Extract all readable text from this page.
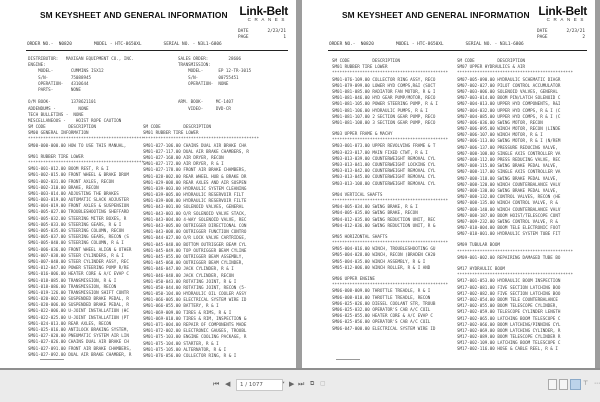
SM KEYSHEET AND GENERAL INFORMATION Link-Belt
CRANES
DATE	2/23/21
PAGE	1
ORDER NO.-  N0820	MODEL - HTC-8650XL	SERIAL NO. - N3L1-6806
DISTRIBUTOR:   MAXIGAN EQUIPMENT CO., INC.
ENGINE:
MODEL-       CUMMINS ISX12
S/N-         75088945
OPERATION-   4310644
PARTS-       NONE

O/M BOOK-        1378621101
ADDENDUMS -         NONE
TECH BULLETINS -  NONE
MISCELLANEOUS -    HOIST ROPE CAUTION
SALES ORDER:        28606
TRANSMISSION:
MODEL-      EP 12-TR-3015
S/N-        00755451
OPERATION-  NONE

ARM. BOOK-     MC-1407
VIDEO-     DVD-CR
SM CODE         DESCRIPTION
SM00 GENERAL INFORMATION
**********************************************
SM00-000-000.00 HOW TO USE THIS MANUAL,
SM01 RUBBER TIRE LOWER
**********************************************
SM01-001-012.00 BOOM REST, R & I
SM01-002-015.00 FRONT WHEEL & BRAKE DRUM
SM01-002-031.00 FRONT AXLES, RECON
SM01-002-310.00 BRAKE, RECON
SM01-003-014.00 ADJUSTING THE BRAKES
SM01-003-019.00 AUTOMATIC SLACK ADJUSTER
SM01-004-019.00 FRONT AXLES & SUSPENSION
SM01-005-027.00 TROUBLESHOOTING SHEFFARD
SM01-005-032.00 STEERING MITER BOXES, R
SM01-005-033.00 STEERING GEARS, R & I
SM01-005-035.00 STEERING COLUMN, RECON
SM01-005-037.00 STEERING GEARS, RECON (S
SM01-005-040.00 STEERING COLUMN, R & I
SM01-006-036.00 FRONT WHEEL ALIGN & OTHER
SM01-007-038.00 STEER CYLINDERS, R & I
SM01-007-040.00 STEER CYLINDER ASSY, REC
SM01-012-047.00 POWER STEERING PUMP R/RE
SM01-016-006.00 HEATER CORE & A/C EVAP C
SM01-018-085.00 TRANSMISSION, R & I
SM01-018-086.00 TRANSMISSION, RECON
SM01-019-126.00 TRANSMISSION SHIFT CONTR
SM01-020-002.00 SUSPENDED BRAKE PEDAL, R
SM01-020-006.00 SUSPENDED BRAKE PEDAL, R
SM01-022-006.00 U-JOINT INSTALLATION (HC
SM01-022-025.00 U-JOINT INSTALLATION (PT
SM01-024-013.00 REAR AXLES, RECON
SM01-025-016.00 ANTILOCK BRAKING SYSTEM,
SM01-027-020.00 PNEUMATIC SYSTEM AIR LIN
SM01-027-026.00 CHAINS DUAL AIR BRAKE CH
SM01-027-091.00 FRONT AIR BRAKE CHAMBERS,
SM01-027-092.00 DUAL AIR BRAKE CHAMBER, R
SM CODE         DESCRIPTION
SM01 RUBBER TIRE LOWER
**********************************************
SM01-027-106.00 CHAINS DUAL AIR BRAKE CHA
SM01-027-117.00 DUAL AIR BRAKE CHAMBERS, R
SM01-027-168.00 AIR DRYER, RECON
SM01-027-172.00 AIR DRYER, R & I
SM01-027-178.00 FRONT AIR BRAKE CHAMBERS,
SM01-028-002.00 REAR WHEEL HUB & BRAKE DR
SM01-029-008.00 REAR AXLES AND AIR SUSPEN
SM01-039-003.00 HYDRAULIC SYSTEM CLEANING
SM01-039-005.00 HYDRAULIC RESERVOIR FILT
SM01-039-008.00 HYDRAULIC RESERVOIR FILTE
SM01-043-001.00 SOLENOID VALVES, GENERAL
SM01-043-003.00 O/R SOLENOID VALVE STACK,
SM01-043-004.00 4-WAY SOLENOID VALVE, REC
SM01-043-005.00 OUTRIGGER DIRECTIONAL CON
SM01-043-008.00 OUTRIGGER FUNCTION CONTRO
SM01-044-027.00 O/R LOCK VALVE CARTRIDGE,
SM01-045-048.00 BOTTOM OUTRIGGER BEAM CYL
SM01-045-049.00 TOP OUTRIGGER BEAM CYLINE
SM01-045-055.00 OUTRIGGER BEAM ASSEMBLY,
SM01-045-060.00 OUTRIGGER BEAM CYLINDER,
SM01-046-047.00 JACK CYLINDER, R & I
SM01-046-048.00 JACK CYLINDER, RECON
SM01-050-043.00 ROTATING JOINT, R & I
SM01-050-044.00 ROTATING JOINT, RECON (5-
SM01-050-104.00 HYDRAULIC OIL COOLER ASSY
SM01-066-005.00 ELECTRICAL SYSTEM WIRE ID
SM01-066-055.00 BATTERY, R & I
SM01-069-009.00 TIRES & RIMS, R & I
SM01-069-010.00 TIRES & RIM, INSPECTION &
SM01-071-004.00 REPAIR OF COMPONENTS MADE
SM01-072-002.00 ELECTRONIC GAUGES, TROUBL
SM01-075-103.00 ENGINE COOLING PACKAGE, R
SM01-075-104.00 STARTER, R & I
SM01-075-105.00 ALTERNATOR, R & I
SM01-076-056.00 COLLECTOR RING, R & I
SM KEYSHEET AND GENERAL INFORMATION Link-Belt
CRANES
DATE	2/23/21
PAGE	2
ORDER NO.-  N0820	MODEL - HTC-8650XL	SERIAL NO. - N3L1-6806
SM CODE         DESCRIPTION
SM01 RUBBER TIRE LOWER
**********************************************
SM01-076-109.00 COLLECTOR RING ASSY, RECO
SM01-079-099.00 LOWER HYD COMPS,R&I (SUCT
SM01-081-085.00 RADIATOR FAN MOTOR, R & I
SM01-081-046.00 HYD GEAR PUMP/MOTOR, RECO
SM01-081-105.00 POWER STEERING PUMP, R & I
SM01-081-106.00 HYDRAULIC PUMPS, R & I
SM01-081-107.00 2 SECTION GEAR PUMP, RECO
SM01-081-108.00 3 SECTION GEAR PUMP, RECO
SM03 UPPER FRAME & MACHY
**********************************************
SM03-001-073.00 UPPER REVOLVING FRAME & T
SM03-023-017.00 MAIN FIXED CTWT, R & I
SM03-013-039.00 COUNTERWEIGHT REMOVAL CYL
SM03-013-041.00 COUNTERWEIGHT LOCKING CYL
SM03-013-042.00 COUNTERWEIGHT REMOVAL CYL
SM03-013-045.00 COUNTERWEIGHT REMOVAL CYL
SM03-013-108.00 COUNTERWEIGHT REMOVAL CYL
SM04 VERTICAL SHAFTS
**********************************************
SM04-005-034.00 SWING BRAKE, R & I
SM04-005-035.00 SWING BRAKE, RECON
SM04-012-035.00 SWING REDUCTION UNIT, REC
SM04-012-036.00 SWING REDUCTION UNIT, R &
SM05 HORIZONTAL SHAFTS
**********************************************
SM05-004-016.00 WINCH, TROUBLESHOOTING GU
SM05-004-028.00 WINCH, RECON (BRADEN CH20
SM05-004-035.00 WINCH ASSEMBLY, R & I
SM05-012-006.00 WINCH ROLLER, R & I AND
SM06 UPPER ENGINE
**********************************************
SM06-008-009.00 THROTTLE TREADLE, R & I
SM06-008-010.00 THROTTLE TREADLE, RECON
SM06-025-026.00 DIESEL COOLANT STR, TROUB
SM06-025-032.00 OPERATOR'S CAB A/C COIL
SM06-025-055.00 HEATER CORE & A/C EVAP C
SM06-025-056.00 OPERATOR'S CAB A/C COIL
SM06-047-000.00 ELECTRICAL SYSTEM WIRE ID
SM CODE         DESCRIPTION
SM07 UPPER HYDRAULICS & AIR
**********************************************
SM07-005-090.00 HYDRAULIC SCHEMATIC DIAGR
SM07-002-027.00 PILOT CONTROL ACCUMULATOR
SM07-003-006.00 SOLENOID VALVES, GENERAL
SM07-003-014.00 BOOM PIN/LATCH SOLENOID C
SM07-004-013.00 UPPER HYD COMPONENTS, R&I
SM07-004-032.00 UPPER HYD COMPS, R & I (C
SM07-004-085.00 UPPER HYD COMPS, R & I (C
SM07-006-036.00 SWING MOTOR, RECON
SM07-006-095.00 WINCH MOTOR, RECON (LINDE
SM07-006-107.00 WINCH MOTOR, R & I
SM07-006-113.00 SWING MOTOR, R & I (N/REM
SM07-006-137.00 PRESSURE REDUCING VALVE,
SM07-008-108.00 SINGLE AXIS CONTROLLER VA
SM07-008-112.00 PRESS REDUCING VALVE, REC
SM07-008-115.00 SWING BRAKE PEDAL VALVE,
SM07-008-117.00 SINGLE AXIS CONTROLLER VA
SM07-008-118.00 SWING BRAKE PEDAL VALVE,
SM07-008-120.00 WINCH COUNTERBALANCE VALV
SM07-008-130.00 SWING BRAKE PEDAL VALVE,
SM07-008-132.00 CONTROL VALVES, RECON (HE
SM07-008-135.00 WINCH CONTROL VALVE, R &
SM07-008-140.00 WINCH COUNTERBALANCE VALV
SM07-008-187.00 BOOM HOIST/TELESCOPE CONT
SM07-009-232.00 SWING CONTROL VALVE, R &
SM07-010-004.00 BOOM TELE ELECTRONIC FOOT
SM07-018-001.00 HYDRAULIC SYSTEM TUBE FIT
SM09 TUBULAR BOOM
**********************************************
SM09-001-002.00 REPAIRING DAMAGED TUBE BO
SM17 HYDRAULIC BOOM
**********************************************
SM17-001-053.00 HYDRAULIC BOOM INSPECTION
SM17-002-081.00 FIVE SECTION LATCHING BOO
SM17-002-082.00 FIVE SECTION LATCHING BOO
SM17-002-054.00 BOOM TELE COUNTERBALANCE
SM17-002-055.00 BOOM TELESCOPE CYLINDER,
SM17-002-059.00 TELESCOPE CYLINDER LENGTH
SM17-002-065.00 LATCHING BOOM TELESCOPE C
SM17-002-066.00 BOOM LATCHING/PINNING CYL
SM17-002-069.00 BOOM LATCHING CYLINDER, R
SM17-002-089.00 BOOM TELESCOPE CYLINDER R
SM17-002-109.00 LATCHING BOOM TELESCOPE C
SM17-002-116.00 HOSE & CABLE REEL, R & I
⏮ ◀	1 / 1077	▾ ▶ ⏭ ⧉ ▢	⊤ ⋯
